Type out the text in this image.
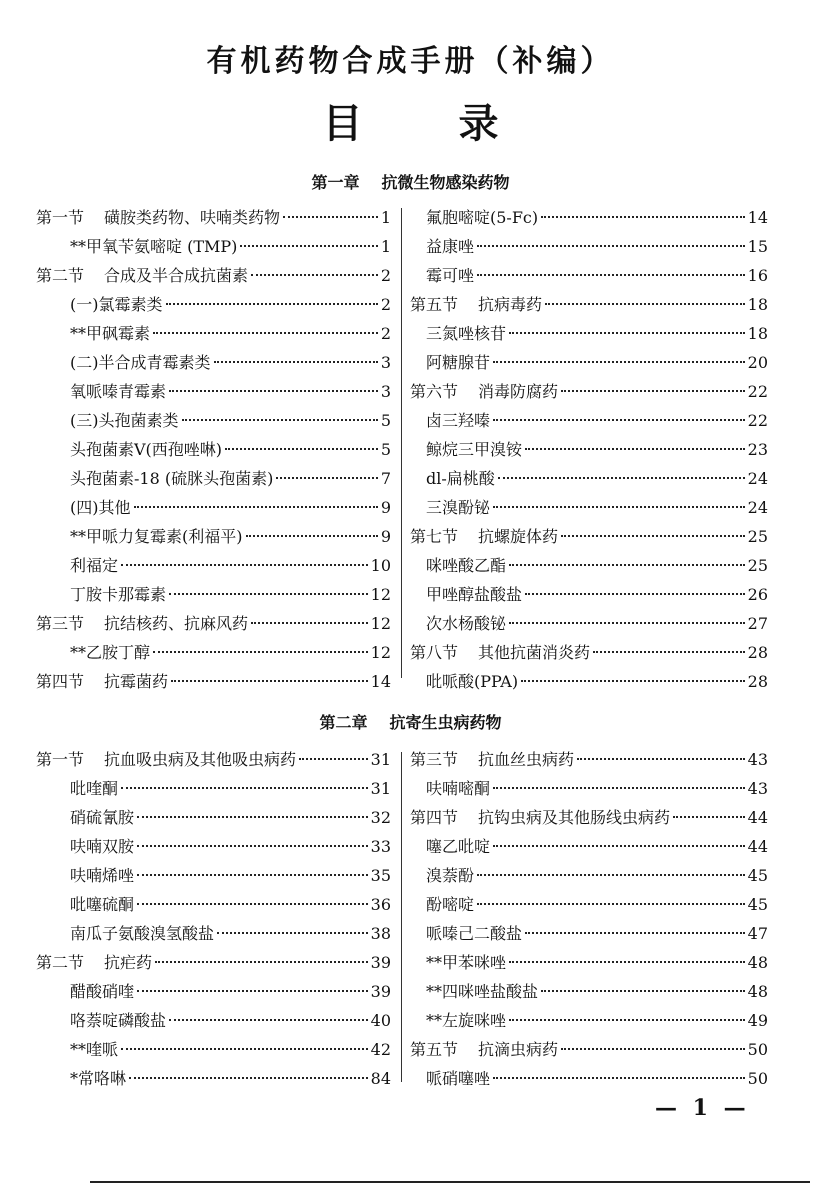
有机药物合成手册（补编）
目 录
第一章 抗微生物感染药物
第一节 磺胺类药物、呋喃类药物	1
**甲氧苄氨嘧啶 (TMP)	1
第二节 合成及半合成抗菌素	2
(一)氯霉素类	2
**甲砜霉素	2
(二)半合成青霉素类	3
氧哌嗪青霉素	3
(三)头孢菌素类	5
头孢菌素Ⅴ(西孢唑啉)	5
头孢菌素-18 (硫脒头孢菌素)	7
(四)其他	9
**甲哌力复霉素(利福平)	9
利福定	10
丁胺卡那霉素	12
第三节 抗结核药、抗麻风药	12
**乙胺丁醇	12
第四节 抗霉菌药	14
氟胞嘧啶(5-Fc)	14
益康唑	15
霉可唑	16
第五节 抗病毒药	18
三氮唑核苷	18
阿糖腺苷	20
第六节 消毒防腐药	22
卤三羟嗪	22
鲸烷三甲溴铵	23
dl-扁桃酸	24
三溴酚铋	24
第七节 抗螺旋体药	25
咪唑酸乙酯	25
甲唑醇盐酸盐	26
次水杨酸铋	27
第八节 其他抗菌消炎药	28
吡哌酸(PPA)	28
第二章 抗寄生虫病药物
第一节 抗血吸虫病及其他吸虫病药	31
吡喹酮	31
硝硫氰胺	32
呋喃双胺	33
呋喃烯唑	35
吡噻硫酮	36
南瓜子氨酸溴氢酸盐	38
第二节 抗疟药	39
醋酸硝喹	39
咯萘啶磷酸盐	40
**喹哌	42
*常咯啉	84
第三节 抗血丝虫病药	43
呋喃嘧酮	43
第四节 抗钩虫病及其他肠线虫病药	44
噻乙吡啶	44
溴萘酚	45
酚嘧啶	45
哌嗪己二酸盐	47
**甲苯咪唑	48
**四咪唑盐酸盐	48
**左旋咪唑	49
第五节 抗滴虫病药	50
哌硝噻唑	50
— 1 —
